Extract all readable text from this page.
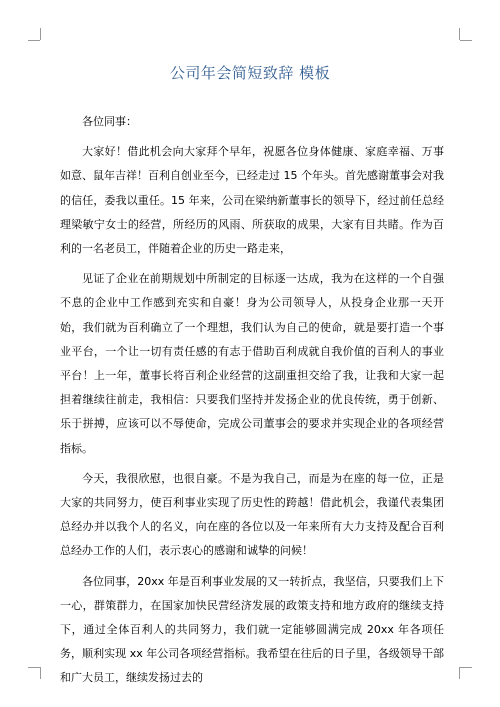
公司年会简短致辞 模板

各位同事：

大家好！借此机会向大家拜个早年，祝愿各位身体健康、家庭幸福、万事如意、鼠年吉祥！百利自创业至今，已经走过 15 个年头。首先感谢董事会对我的信任，委我以重任。15 年来，公司在梁纳新董事长的领导下，经过前任总经理梁敏宁女士的经营，所经历的风雨、所获取的成果，大家有目共睹。作为百利的一名老员工，伴随着企业的历史一路走来，

见证了企业在前期规划中所制定的目标逐一达成，我为在这样的一个自强不息的企业中工作感到充实和自豪！身为公司领导人，从投身企业那一天开始，我们就为百利确立了一个理想，我们认为自己的使命，就是要打造一个事业平台，一个让一切有责任感的有志于借助百利成就自我价值的百利人的事业平台！上一年，董事长将百利企业经营的这副重担交给了我，让我和大家一起担着继续往前走，我相信：只要我们坚持并发扬企业的优良传统，勇于创新、乐于拼搏，应该可以不辱使命，完成公司董事会的要求并实现企业的各项经营指标。

今天，我很欣慰，也很自豪。不是为我自己，而是为在座的每一位，正是大家的共同努力，使百利事业实现了历史性的跨越！借此机会，我谨代表集团总经办并以我个人的名义，向在座的各位以及一年来所有大力支持及配合百利总经办工作的人们，表示衷心的感谢和诚挚的问候！

各位同事，20xx 年是百利事业发展的又一转折点，我坚信，只要我们上下一心，群策群力，在国家加快民营经济发展的政策支持和地方政府的继续支持下，通过全体百利人的共同努力，我们就一定能够圆满完成 20xx 年各项任务，顺利实现 xx 年公司各项经营指标。我希望在往后的日子里，各级领导干部和广大员工，继续发扬过去的
